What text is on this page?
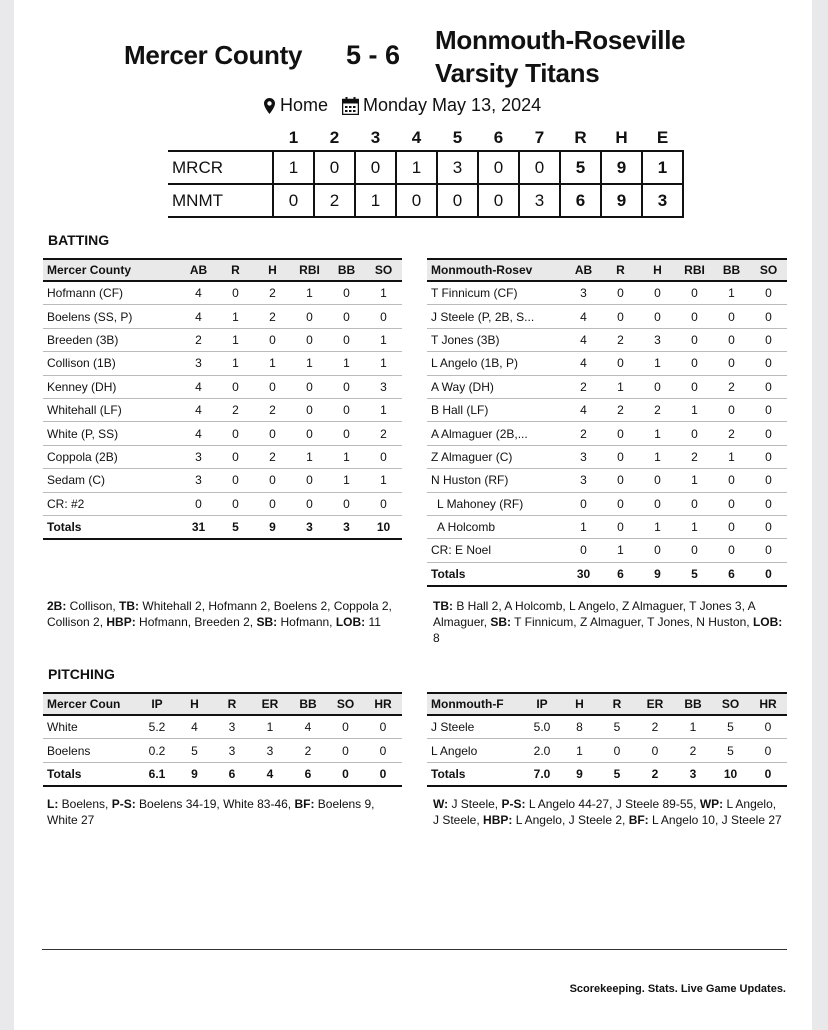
Mercer County 5 - 6 Monmouth-Roseville
Varsity Titans
Home Monday May 13, 2024
	1	2	3	4	5	6	7	R	H	E
MRCR	1	0	0	1	3	0	0	5	9	1
MNMT	0	2	1	0	0	0	3	6	9	3
BATTING
Mercer County	AB	R	H	RBI	BB	SO
Hofmann (CF)	4	0	2	1	0	1
Boelens (SS, P)	4	1	2	0	0	0
Breeden (3B)	2	1	0	0	0	1
Collison (1B)	3	1	1	1	1	1
Kenney (DH)	4	0	0	0	0	3
Whitehall (LF)	4	2	2	0	0	1
White (P, SS)	4	0	0	0	0	2
Coppola (2B)	3	0	2	1	1	0
Sedam (C)	3	0	0	0	1	1
CR: #2	0	0	0	0	0	0
Totals	31	5	9	3	3	10
Monmouth-Rosev	AB	R	H	RBI	BB	SO
T Finnicum (CF)	3	0	0	0	1	0
J Steele (P, 2B, S...	4	0	0	0	0	0
T Jones (3B)	4	2	3	0	0	0
L Angelo (1B, P)	4	0	1	0	0	0
A Way (DH)	2	1	0	0	2	0
B Hall (LF)	4	2	2	1	0	0
A Almaguer (2B,...	2	0	1	0	2	0
Z Almaguer (C)	3	0	1	2	1	0
N Huston (RF)	3	0	0	1	0	0
L Mahoney (RF)	0	0	0	0	0	0
A Holcomb	1	0	1	1	0	0
CR: E Noel	0	1	0	0	0	0
Totals	30	6	9	5	6	0
2B: Collison, TB: Whitehall 2, Hofmann 2, Boelens 2, Coppola 2, Collison 2, HBP: Hofmann, Breeden 2, SB: Hofmann, LOB: 11
TB: B Hall 2, A Holcomb, L Angelo, Z Almaguer, T Jones 3, A Almaguer, SB: T Finnicum, Z Almaguer, T Jones, N Huston, LOB: 8
PITCHING
Mercer Coun	IP	H	R	ER	BB	SO	HR
White	5.2	4	3	1	4	0	0
Boelens	0.2	5	3	3	2	0	0
Totals	6.1	9	6	4	6	0	0
Monmouth-F	IP	H	R	ER	BB	SO	HR
J Steele	5.0	8	5	2	1	5	0
L Angelo	2.0	1	0	0	2	5	0
Totals	7.0	9	5	2	3	10	0
L: Boelens, P-S: Boelens 34-19, White 83-46, BF: Boelens 9, White 27
W: J Steele, P-S: L Angelo 44-27, J Steele 89-55, WP: L Angelo, J Steele, HBP: L Angelo, J Steele 2, BF: L Angelo 10, J Steele 27
Scorekeeping. Stats. Live Game Updates.
